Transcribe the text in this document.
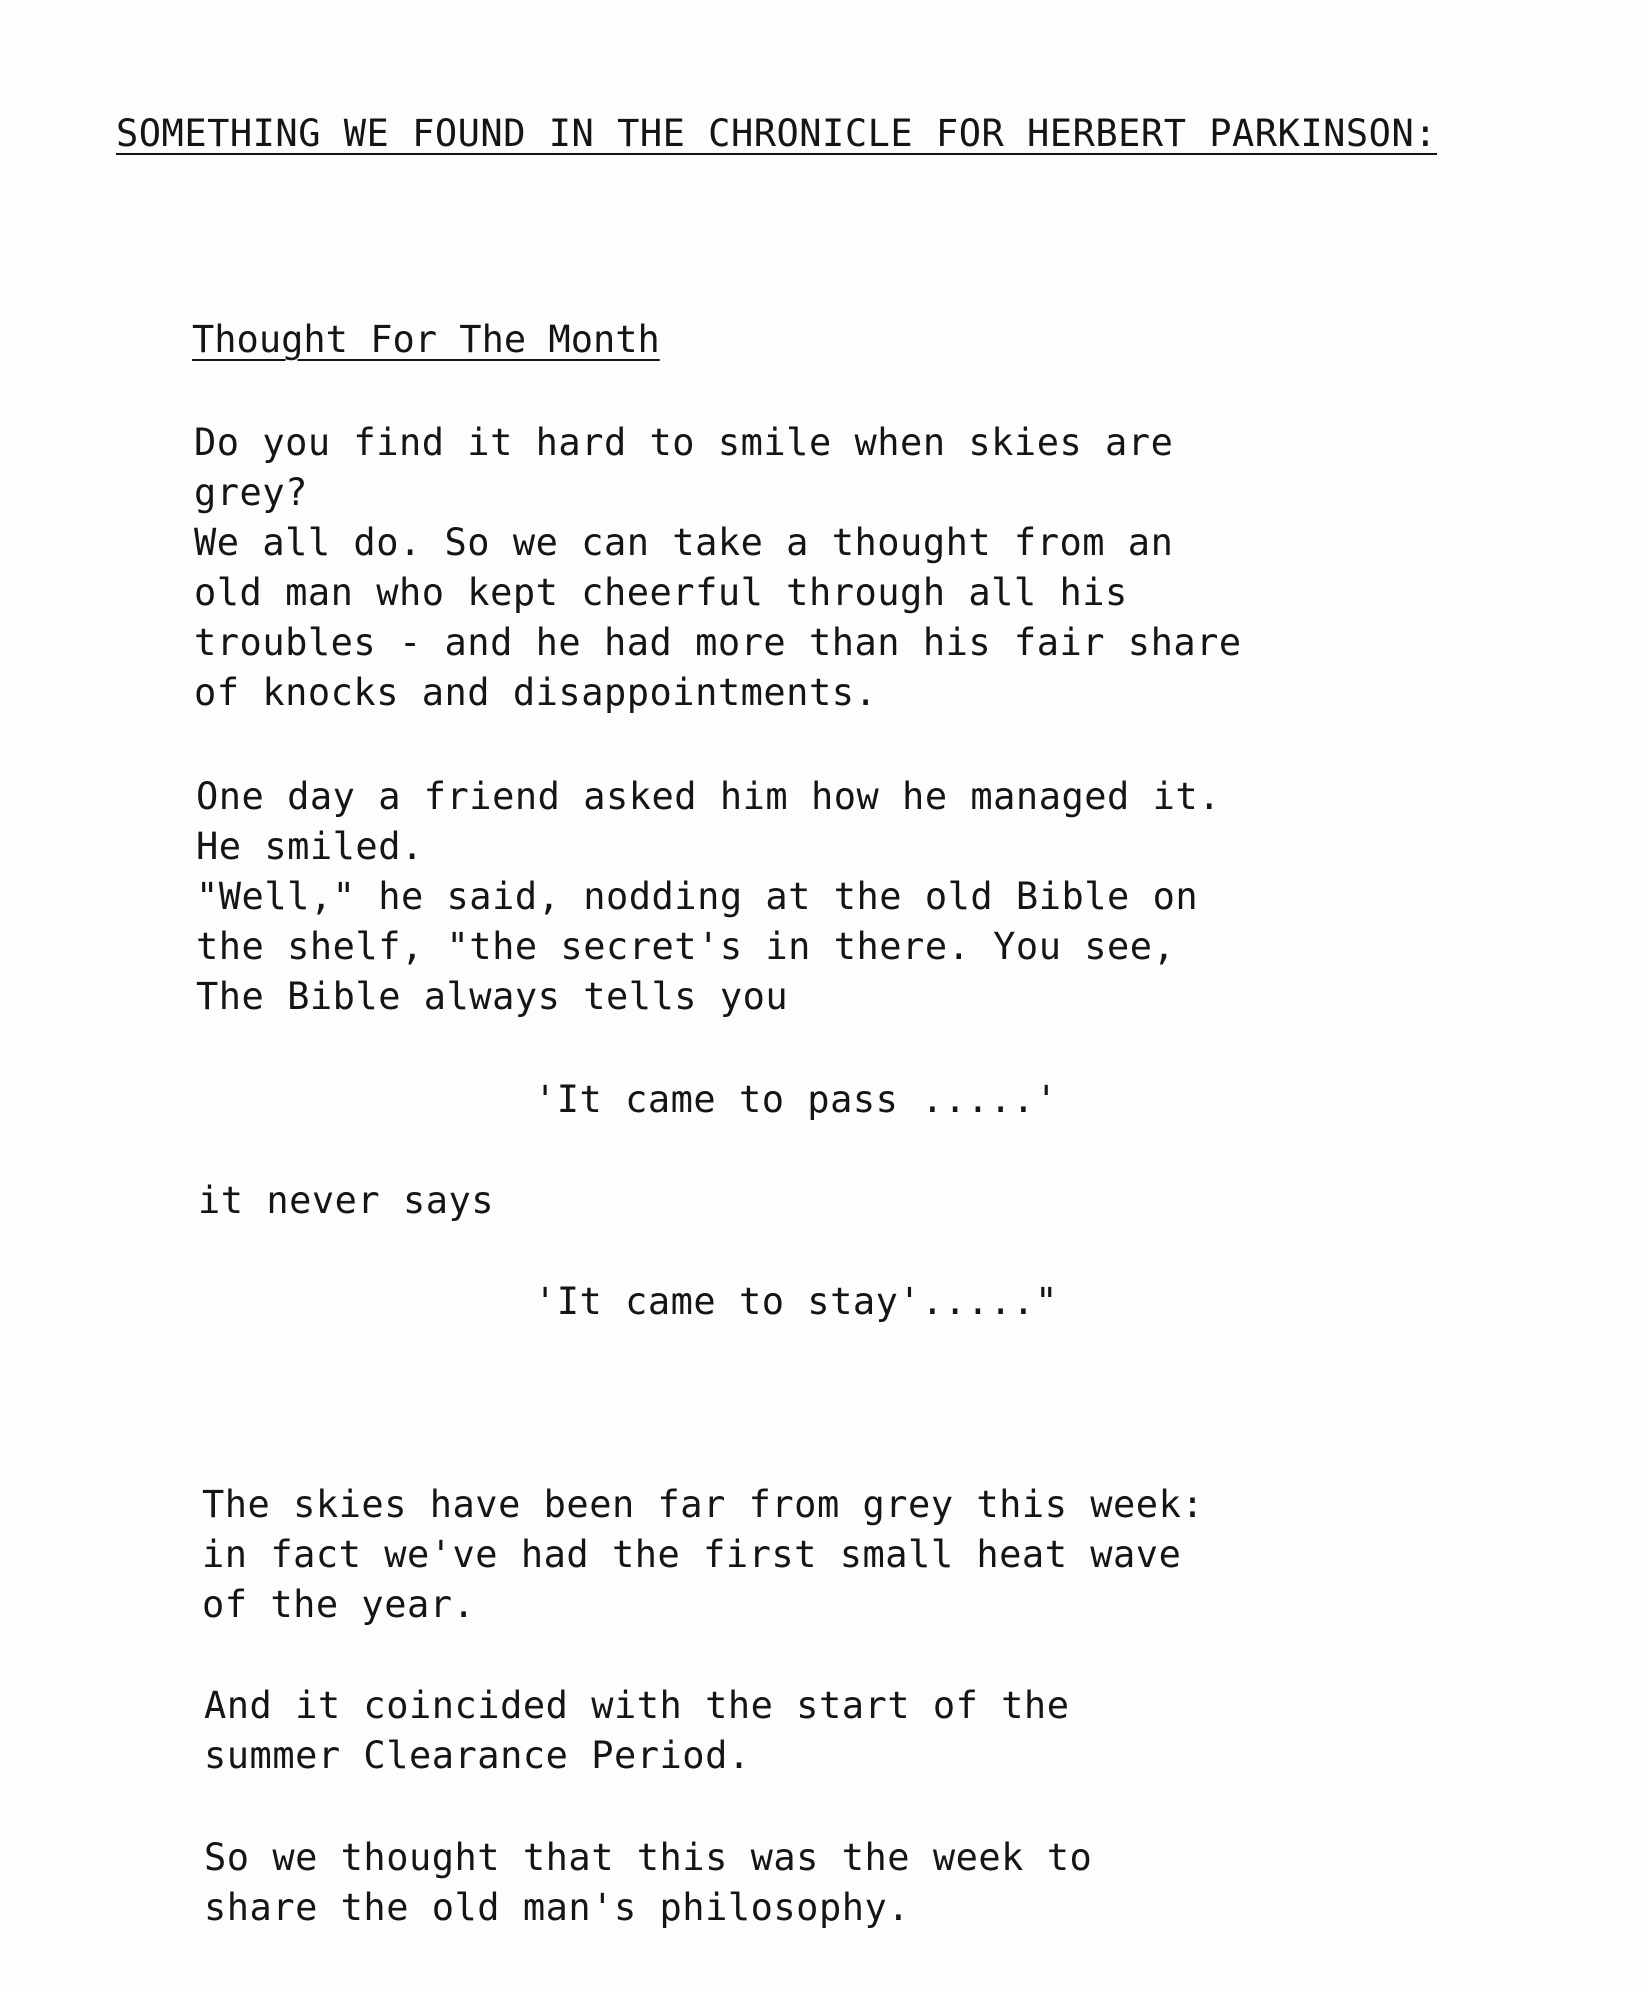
SOMETHING WE FOUND IN THE CHRONICLE FOR HERBERT PARKINSON:
Thought For The Month
Do you find it hard to smile when skies are
grey?
We all do. So we can take a thought from an
old man who kept cheerful through all his
troubles - and he had more than his fair share
of knocks and disappointments.
One day a friend asked him how he managed it.
He smiled.
"Well," he said, nodding at the old Bible on
the shelf, "the secret's in there. You see,
The Bible always tells you
'It came to pass .....'
it never says
'It came to stay'....."
The skies have been far from grey this week:
in fact we've had the first small heat wave
of the year.
And it coincided with the start of the
summer Clearance Period.
So we thought that this was the week to
share the old man's philosophy.
